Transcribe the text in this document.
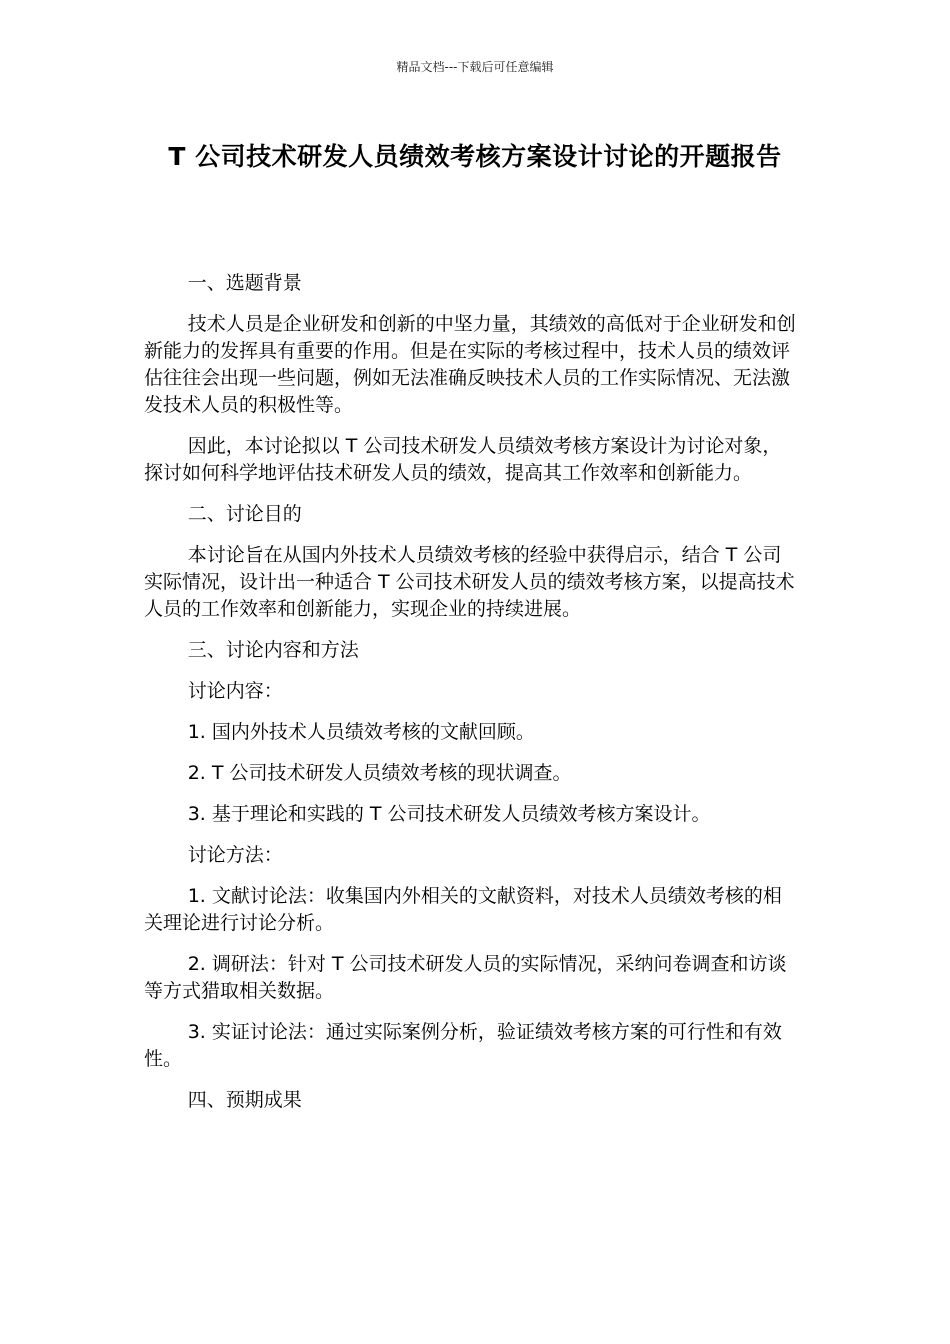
精品文档---下载后可任意编辑
T 公司技术研发人员绩效考核方案设计讨论的开题报告

一、选题背景

技术人员是企业研发和创新的中坚力量，其绩效的高低对于企业研发和创新能力的发挥具有重要的作用。但是在实际的考核过程中，技术人员的绩效评估往往会出现一些问题，例如无法准确反映技术人员的工作实际情况、无法激发技术人员的积极性等。

因此，本讨论拟以 T 公司技术研发人员绩效考核方案设计为讨论对象，探讨如何科学地评估技术研发人员的绩效，提高其工作效率和创新能力。

二、讨论目的

本讨论旨在从国内外技术人员绩效考核的经验中获得启示，结合 T 公司实际情况，设计出一种适合 T 公司技术研发人员的绩效考核方案，以提高技术人员的工作效率和创新能力，实现企业的持续进展。

三、讨论内容和方法

讨论内容：

1. 国内外技术人员绩效考核的文献回顾。

2. T 公司技术研发人员绩效考核的现状调查。

3. 基于理论和实践的 T 公司技术研发人员绩效考核方案设计。

讨论方法：

1. 文献讨论法：收集国内外相关的文献资料，对技术人员绩效考核的相关理论进行讨论分析。

2. 调研法：针对 T 公司技术研发人员的实际情况，采纳问卷调查和访谈等方式猎取相关数据。

3. 实证讨论法：通过实际案例分析，验证绩效考核方案的可行性和有效性。

四、预期成果
